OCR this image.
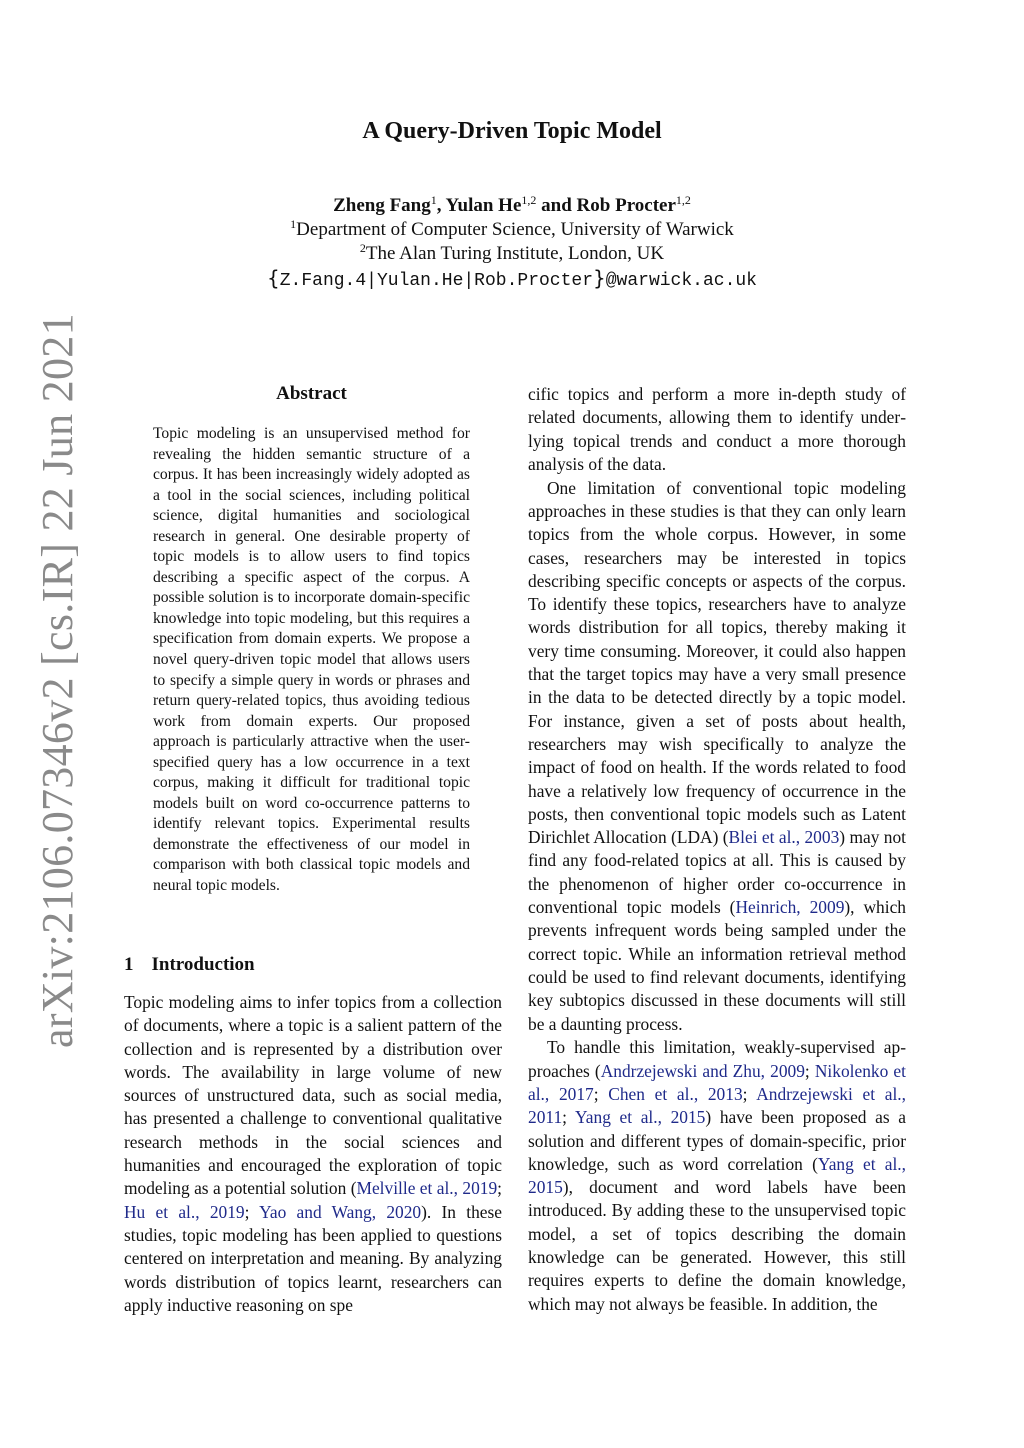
arXiv:2106.07346v2 [cs.IR] 22 Jun 2021
A Query-Driven Topic Model
Zheng Fang$^1$, Yulan He$^{1,2}$ and Rob Procter$^{1,2}$
$^1$Department of Computer Science, University of Warwick
$^2$The Alan Turing Institute, London, UK
{Z.Fang.4|Yulan.He|Rob.Procter}@warwick.ac.uk
Abstract
Topic modeling is an unsupervised method for revealing the hidden semantic structure of a corpus. It has been increasingly widely adopted as a tool in the social sciences, including political science, digital humanities and sociological research in general. One desirable property of topic models is to allow users to find topics describing a specific aspect of the corpus. A possible solution is to incorporate domain-specific knowledge into topic modeling, but this requires a specification from domain experts. We propose a novel query-driven topic model that allows users to specify a simple query in words or phrases and return query-related topics, thus avoiding tedious work from domain experts. Our proposed approach is particularly attractive when the user-specified query has a low occurrence in a text corpus, making it difficult for traditional topic models built on word co-occurrence patterns to identify relevant topics. Experimental results demonstrate the effectiveness of our model in comparison with both classical topic models and neural topic models.
1 Introduction

Topic modeling aims to infer topics from a collection of documents, where a topic is a salient pattern of the collection and is represented by a distribution over words. The availability in large volume of new sources of unstructured data, such as social media, has presented a challenge to conventional qualitative research methods in the social sciences and humanities and encouraged the exploration of topic modeling as a potential solution (Melville et al., 2019; Hu et al., 2019; Yao and Wang, 2020). In these studies, topic modeling has been applied to questions centered on interpretation and meaning. By analyzing words distribution of topics learnt, researchers can apply inductive reasoning on spe

cific topics and perform a more in-depth study of related documents, allowing them to identify underlying topical trends and conduct a more thorough analysis of the data.

One limitation of conventional topic modeling approaches in these studies is that they can only learn topics from the whole corpus. However, in some cases, researchers may be interested in topics describing specific concepts or aspects of the corpus. To identify these topics, researchers have to analyze words distribution for all topics, thereby making it very time consuming. Moreover, it could also happen that the target topics may have a very small presence in the data to be detected directly by a topic model. For instance, given a set of posts about health, researchers may wish specifically to analyze the impact of food on health. If the words related to food have a relatively low frequency of occurrence in the posts, then conventional topic models such as Latent Dirichlet Allocation (LDA) (Blei et al., 2003) may not find any food-related topics at all. This is caused by the phenomenon of higher order co-occurrence in conventional topic models (Heinrich, 2009), which prevents infrequent words being sampled under the correct topic. While an information retrieval method could be used to find relevant documents, identifying key subtopics discussed in these documents will still be a daunting process.

To handle this limitation, weakly-supervised approaches (Andrzejewski and Zhu, 2009; Nikolenko et al., 2017; Chen et al., 2013; Andrzejewski et al., 2011; Yang et al., 2015) have been proposed as a solution and different types of domain-specific, prior knowledge, such as word correlation (Yang et al., 2015), document and word labels have been introduced. By adding these to the unsupervised topic model, a set of topics describing the domain knowledge can be generated. However, this still requires experts to define the domain knowledge, which may not always be feasible. In addition, the
